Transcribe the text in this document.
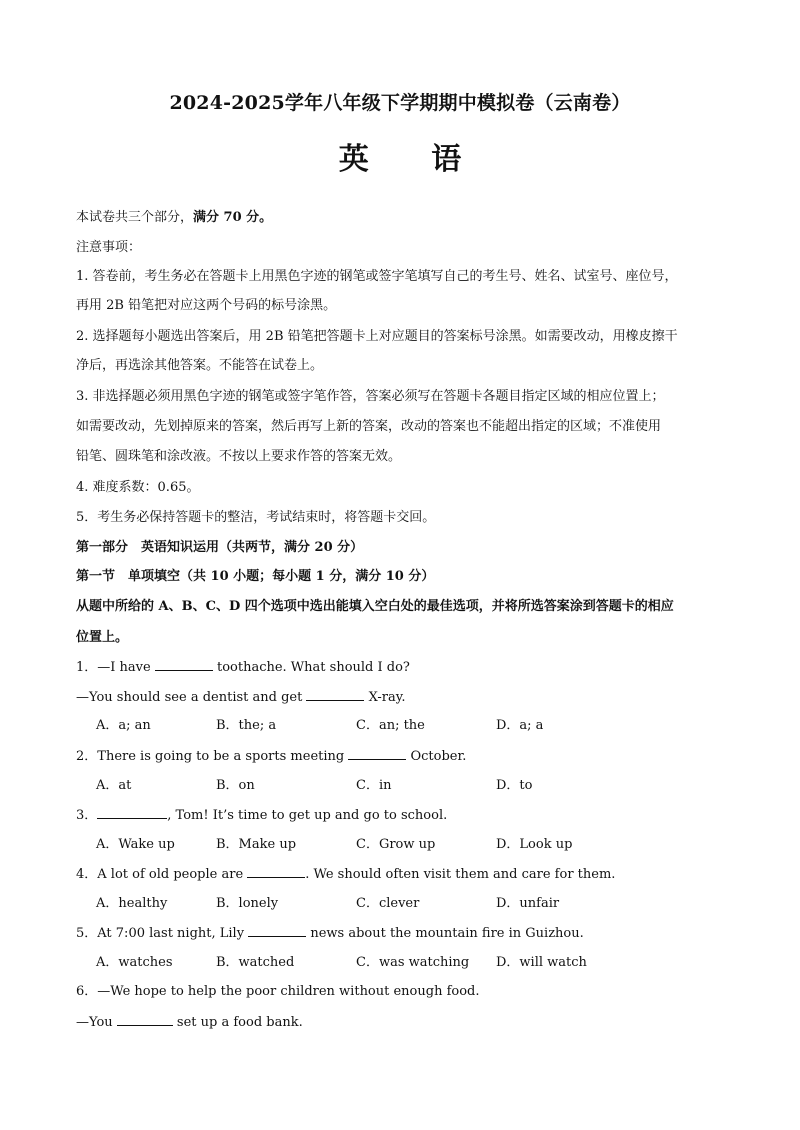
2024-2025学年八年级下学期期中模拟卷（云南卷）
英 语
本试卷共三个部分，满分 70 分。
注意事项：
1. 答卷前，考生务必在答题卡上用黑色字迹的钢笔或签字笔填写自己的考生号、姓名、试室号、座位号，
再用 2B 铅笔把对应这两个号码的标号涂黑。
2. 选择题每小题选出答案后，用 2B 铅笔把答题卡上对应题目的答案标号涂黑。如需要改动，用橡皮擦干
净后，再选涂其他答案。不能答在试卷上。
3. 非选择题必须用黑色字迹的钢笔或签字笔作答，答案必须写在答题卡各题目指定区域的相应位置上；
如需要改动，先划掉原来的答案，然后再写上新的答案，改动的答案也不能超出指定的区域；不准使用
铅笔、圆珠笔和涂改液。不按以上要求作答的答案无效。
4. 难度系数：0.65。
5．考生务必保持答题卡的整洁，考试结束时，将答题卡交回。
第一部分　英语知识运用（共两节，满分 20 分）
第一节　单项填空（共 10 小题；每小题 1 分，满分 10 分）
从题中所给的 A、B、C、D 四个选项中选出能填入空白处的最佳选项，并将所选答案涂到答题卡的相应
位置上。
1．—I have	toothache. What should I do?
—You should see a dentist and get	X-ray.
A．a; an	B．the; a	C．an; the	D．a; a
2．There is going to be a sports meeting	October.
A．at	B．on	C．in	D．to
3．	, Tom! It’s time to get up and go to school.
A．Wake up	B．Make up	C．Grow up	D．Look up
4．A lot of old people are	. We should often visit them and care for them.
A．healthy	B．lonely	C．clever	D．unfair
5．At 7:00 last night, Lily	news about the mountain fire in Guizhou.
A．watches	B．watched	C．was watching D．will watch
6．—We hope to help the poor children without enough food.
—You	set up a food bank.
